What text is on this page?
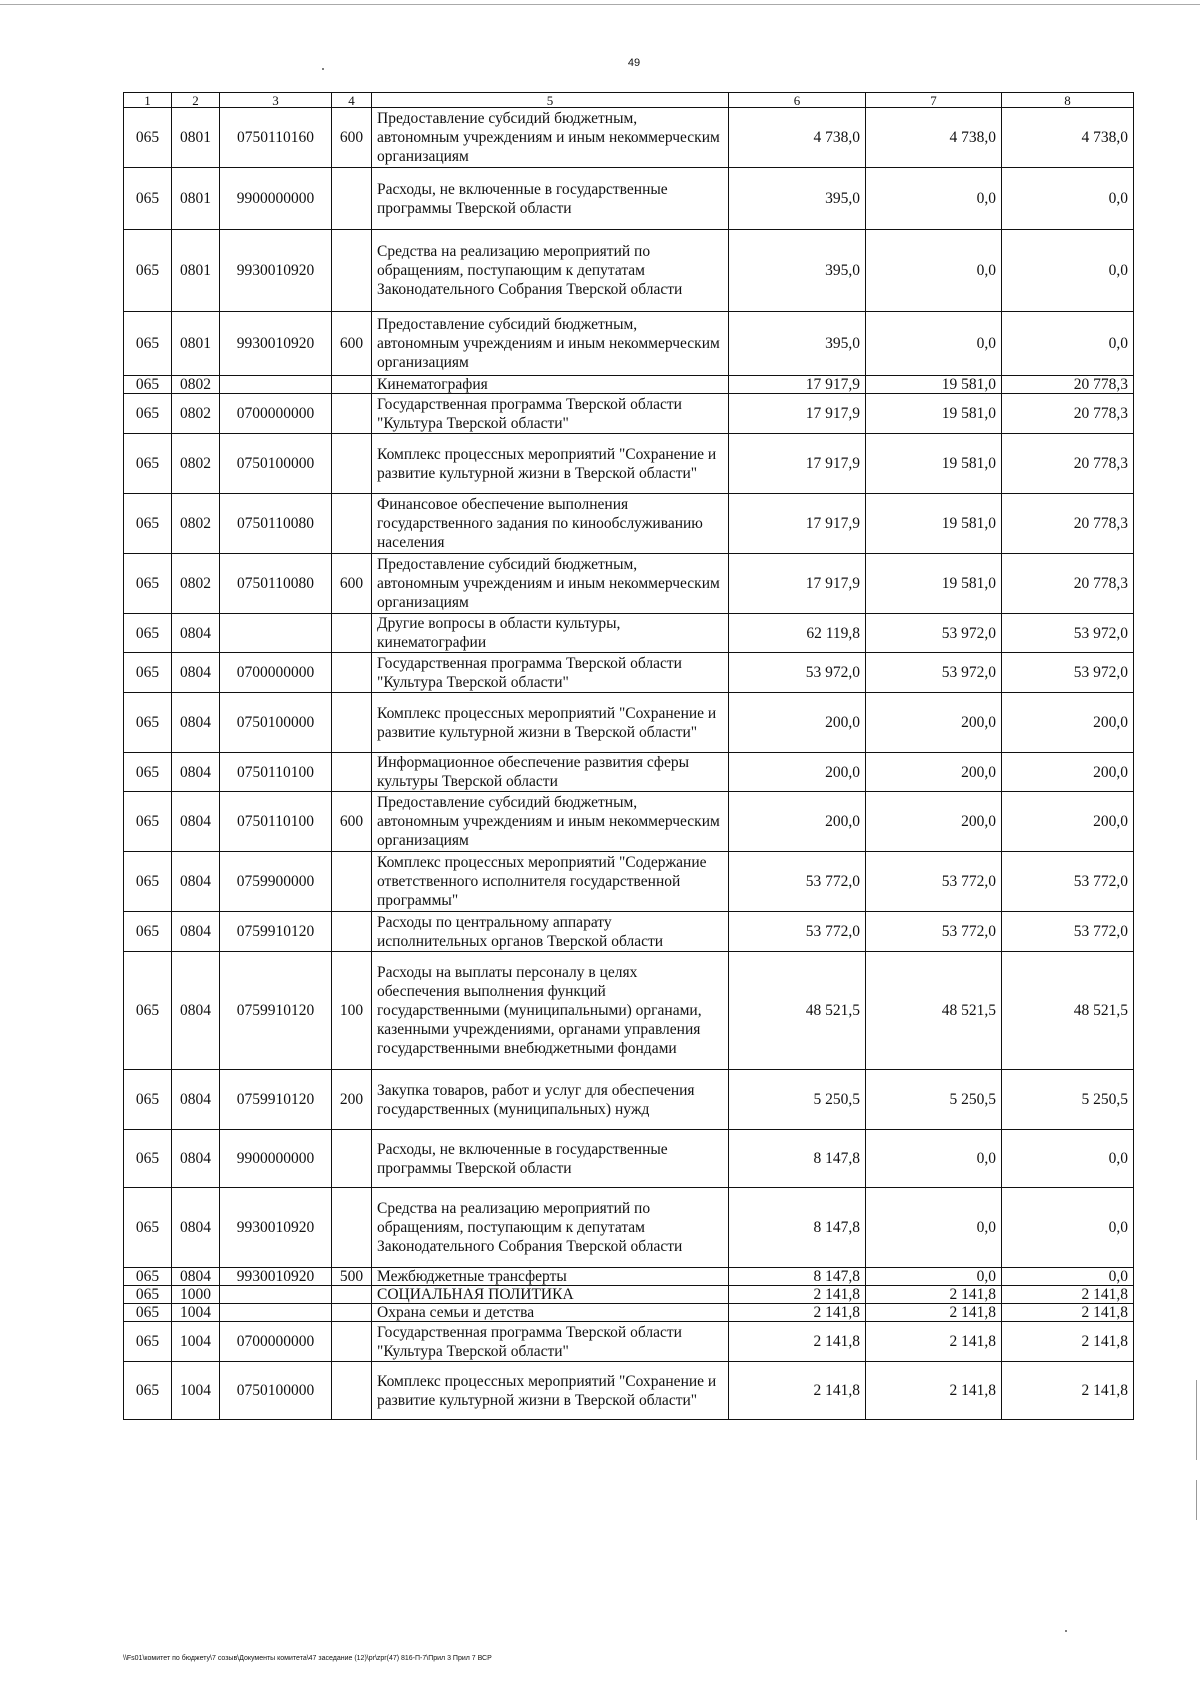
49
1	2	3	4	5	6	7	8
065	0801	0750110160	600	Предоставление субсидий бюджетным, автономным учреждениям и иным некоммерческим организациям	4 738,0	4 738,0	4 738,0
065	0801	9900000000		Расходы, не включенные в государственные программы Тверской области	395,0	0,0	0,0
065	0801	9930010920		Средства на реализацию мероприятий по обращениям, поступающим к депутатам Законодательного Собрания Тверской области	395,0	0,0	0,0
065	0801	9930010920	600	Предоставление субсидий бюджетным, автономным учреждениям и иным некоммерческим организациям	395,0	0,0	0,0
065	0802			Кинематография	17 917,9	19 581,0	20 778,3
065	0802	0700000000		Государственная программа Тверской области "Культура Тверской области"	17 917,9	19 581,0	20 778,3
065	0802	0750100000		Комплекс процессных мероприятий "Сохранение и развитие культурной жизни в Тверской области"	17 917,9	19 581,0	20 778,3
065	0802	0750110080		Финансовое обеспечение выполнения государственного задания по кинообслуживанию населения	17 917,9	19 581,0	20 778,3
065	0802	0750110080	600	Предоставление субсидий бюджетным, автономным учреждениям и иным некоммерческим организациям	17 917,9	19 581,0	20 778,3
065	0804			Другие вопросы в области культуры, кинематографии	62 119,8	53 972,0	53 972,0
065	0804	0700000000		Государственная программа Тверской области "Культура Тверской области"	53 972,0	53 972,0	53 972,0
065	0804	0750100000		Комплекс процессных мероприятий "Сохранение и развитие культурной жизни в Тверской области"	200,0	200,0	200,0
065	0804	0750110100		Информационное обеспечение развития сферы культуры Тверской области	200,0	200,0	200,0
065	0804	0750110100	600	Предоставление субсидий бюджетным, автономным учреждениям и иным некоммерческим организациям	200,0	200,0	200,0
065	0804	0759900000		Комплекс процессных мероприятий "Содержание ответственного исполнителя государственной программы"	53 772,0	53 772,0	53 772,0
065	0804	0759910120		Расходы по центральному аппарату исполнительных органов Тверской области	53 772,0	53 772,0	53 772,0
065	0804	0759910120	100	Расходы на выплаты персоналу в целях обеспечения выполнения функций государственными (муниципальными) органами, казенными учреждениями, органами управления государственными внебюджетными фондами	48 521,5	48 521,5	48 521,5
065	0804	0759910120	200	Закупка товаров, работ и услуг для обеспечения государственных (муниципальных) нужд	5 250,5	5 250,5	5 250,5
065	0804	9900000000		Расходы, не включенные в государственные программы Тверской области	8 147,8	0,0	0,0
065	0804	9930010920		Средства на реализацию мероприятий по обращениям, поступающим к депутатам Законодательного Собрания Тверской области	8 147,8	0,0	0,0
065	0804	9930010920	500	Межбюджетные трансферты	8 147,8	0,0	0,0
065	1000			СОЦИАЛЬНАЯ ПОЛИТИКА	2 141,8	2 141,8	2 141,8
065	1004			Охрана семьи и детства	2 141,8	2 141,8	2 141,8
065	1004	0700000000		Государственная программа Тверской области "Культура Тверской области"	2 141,8	2 141,8	2 141,8
065	1004	0750100000		Комплекс процессных мероприятий "Сохранение и развитие культурной жизни в Тверской области"	2 141,8	2 141,8	2 141,8
\\Fs01\комитет по бюджету\7 созыв\Документы комитета\47 заседание (12)\pr\zpr(47) 816-П-7\Прил 3 Прил 7 ВСР
